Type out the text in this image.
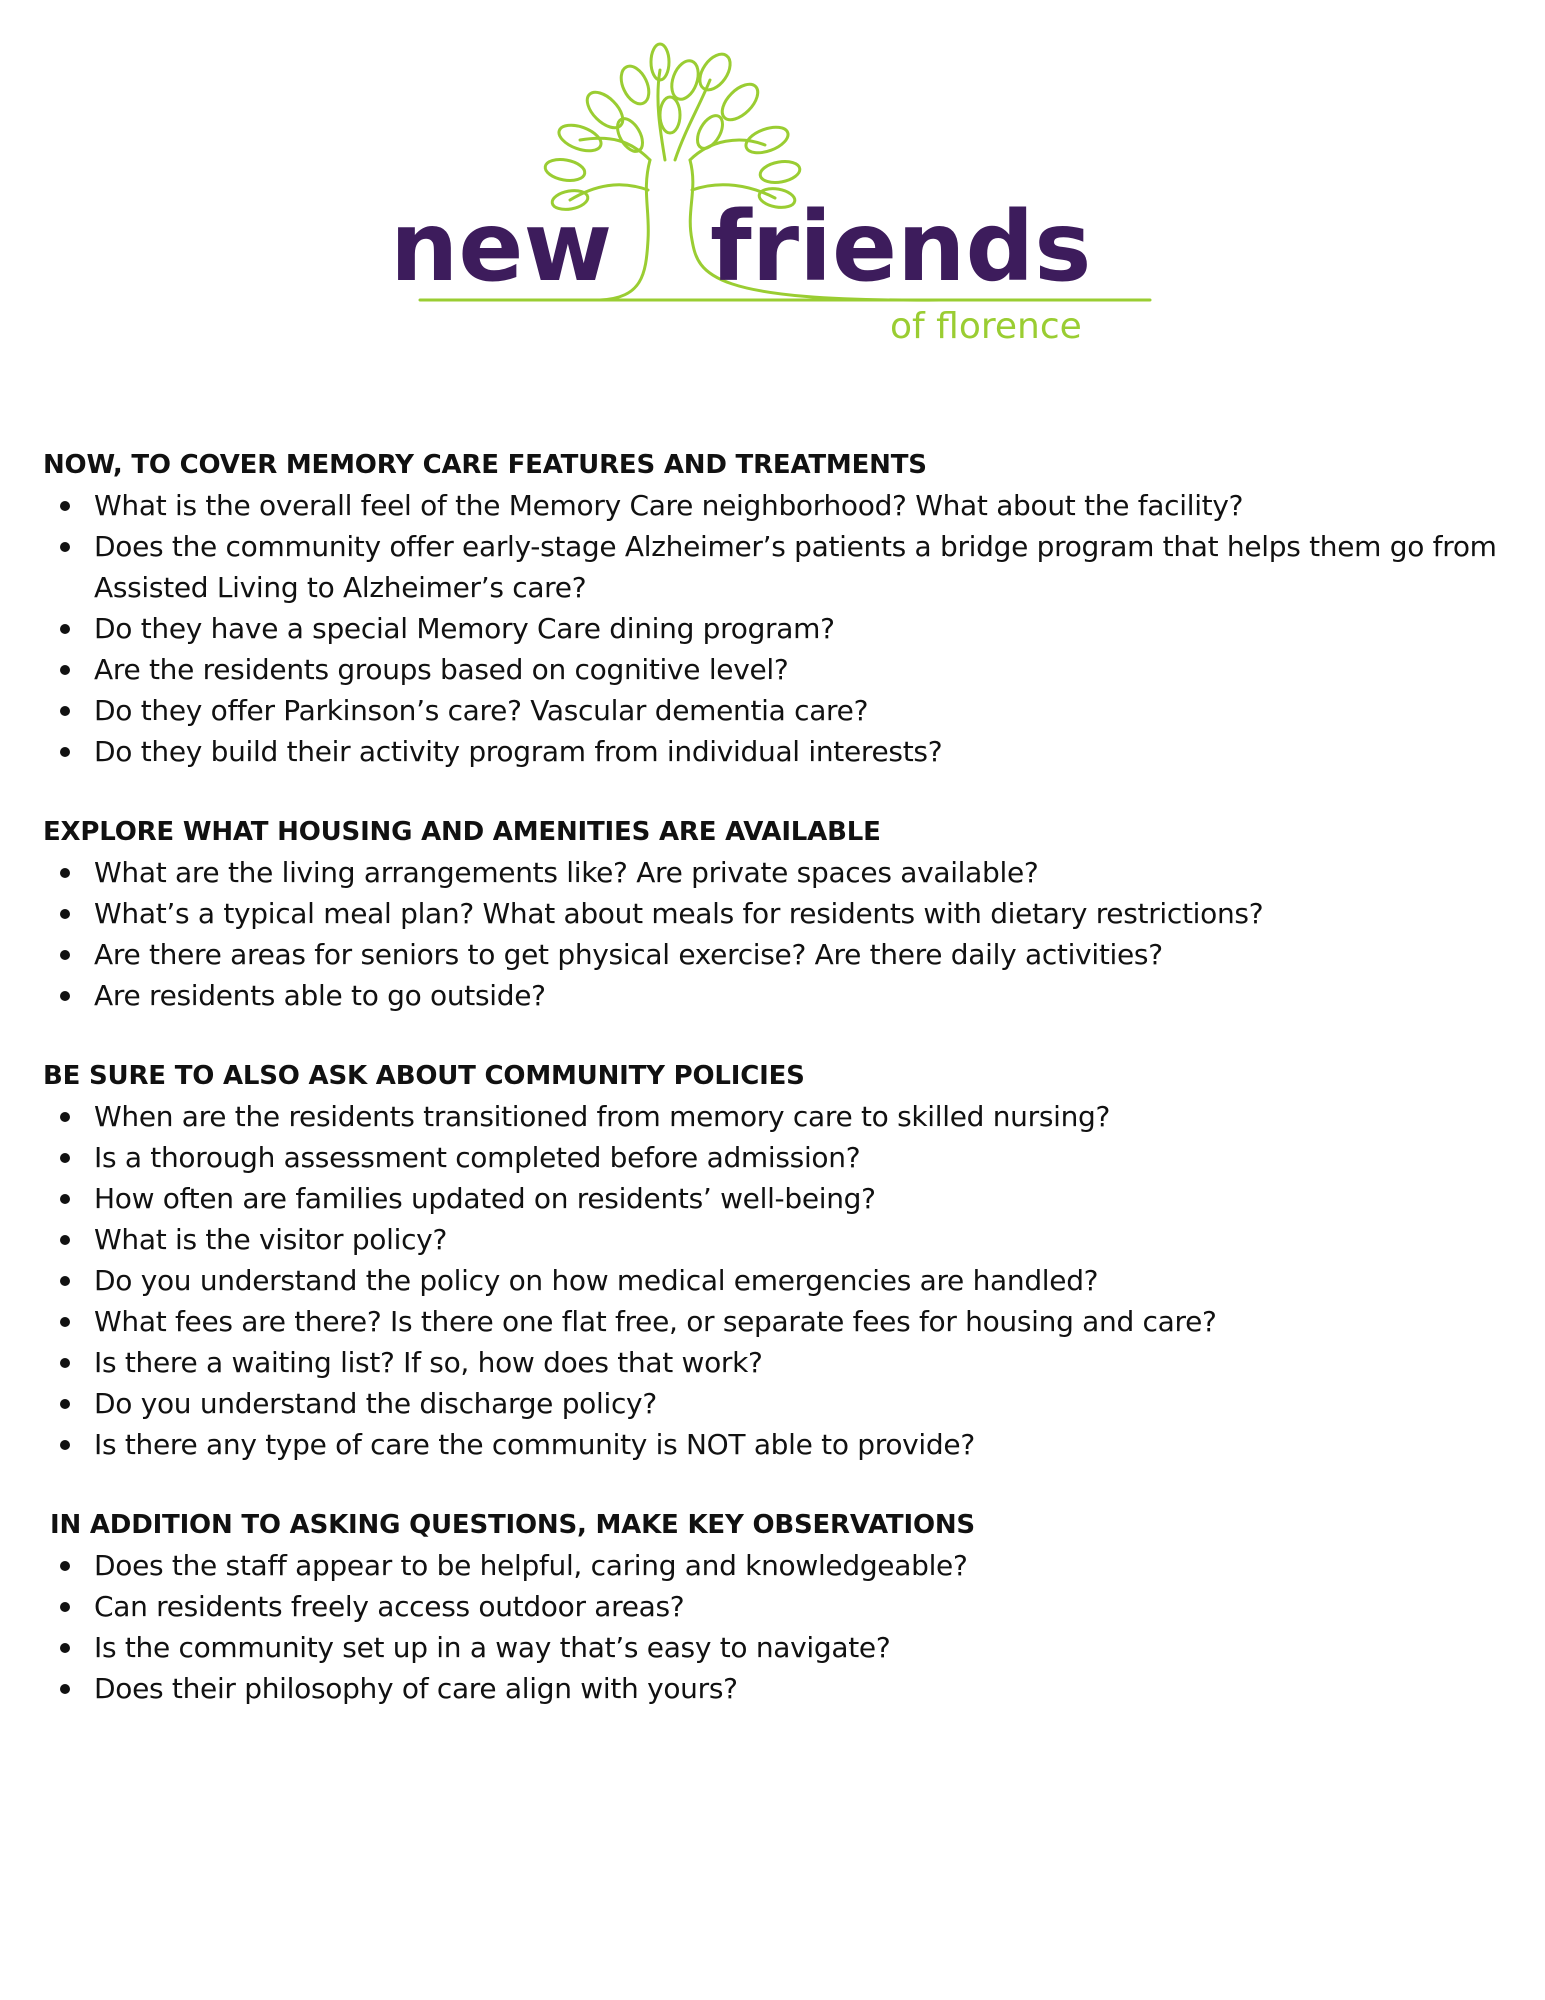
new friends
of florence
NOW, TO COVER MEMORY CARE FEATURES AND TREATMENTS
What is the overall feel of the Memory Care neighborhood? What about the facility?
Does the community offer early-stage Alzheimer’s patients a bridge program that helps them go from Assisted Living to Alzheimer’s care?
Do they have a special Memory Care dining program?
Are the residents groups based on cognitive level?
Do they offer Parkinson’s care? Vascular dementia care?
Do they build their activity program from individual interests?
EXPLORE WHAT HOUSING AND AMENITIES ARE AVAILABLE
What are the living arrangements like? Are private spaces available?
What’s a typical meal plan? What about meals for residents with dietary restrictions?
Are there areas for seniors to get physical exercise? Are there daily activities?
Are residents able to go outside?
BE SURE TO ALSO ASK ABOUT COMMUNITY POLICIES
When are the residents transitioned from memory care to skilled nursing?
Is a thorough assessment completed before admission?
How often are families updated on residents’ well-being?
What is the visitor policy?
Do you understand the policy on how medical emergencies are handled?
What fees are there? Is there one flat free, or separate fees for housing and care?
Is there a waiting list? If so, how does that work?
Do you understand the discharge policy?
Is there any type of care the community is NOT able to provide?
IN ADDITION TO ASKING QUESTIONS, MAKE KEY OBSERVATIONS
Does the staff appear to be helpful, caring and knowledgeable?
Can residents freely access outdoor areas?
Is the community set up in a way that’s easy to navigate?
Does their philosophy of care align with yours?
